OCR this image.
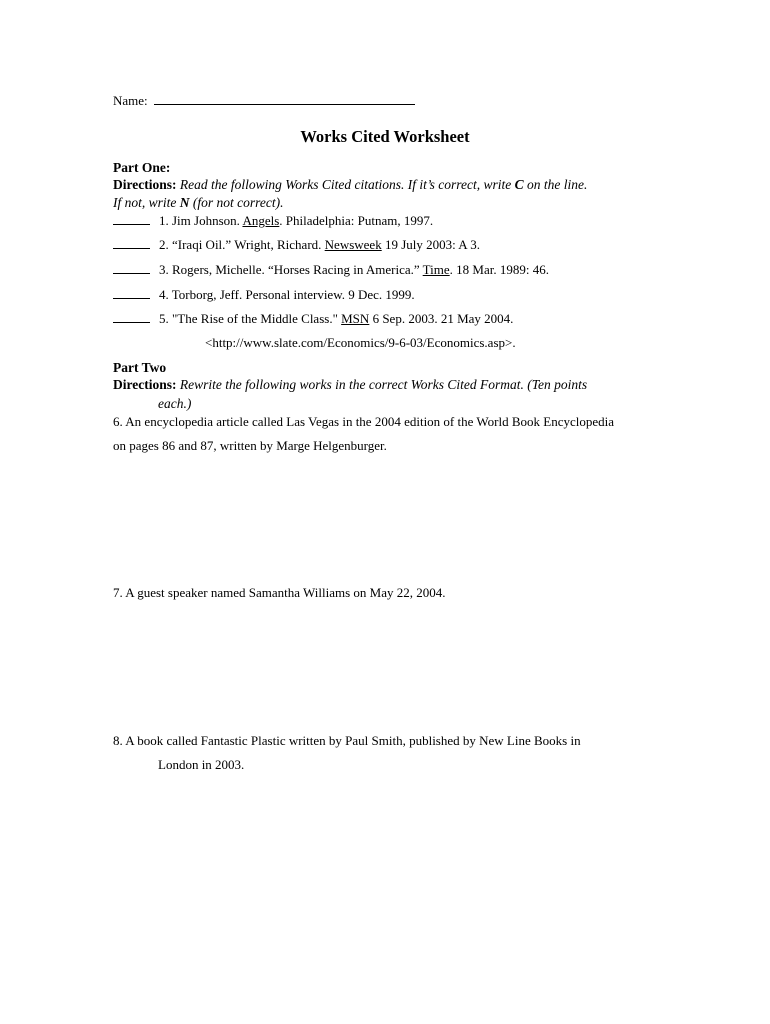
Name:
Works Cited Worksheet
Part One:
Directions: Read the following Works Cited citations. If it’s correct, write C on the line.
If not, write N (for not correct).
1. Jim Johnson. Angels. Philadelphia: Putnam, 1997.
2. “Iraqi Oil.” Wright, Richard. Newsweek 19 July 2003: A 3.
3. Rogers, Michelle. “Horses Racing in America.” Time. 18 Mar. 1989: 46.
4. Torborg, Jeff. Personal interview. 9 Dec. 1999.
5. "The Rise of the Middle Class." MSN 6 Sep. 2003. 21 May 2004.
<http://www.slate.com/Economics/9-6-03/Economics.asp>.
Part Two
Directions: Rewrite the following works in the correct Works Cited Format. (Ten points
each.)
6. An encyclopedia article called Las Vegas in the 2004 edition of the World Book Encyclopedia
on pages 86 and 87, written by Marge Helgenburger.
7. A guest speaker named Samantha Williams on May 22, 2004.
8. A book called Fantastic Plastic written by Paul Smith, published by New Line Books in
London in 2003.
